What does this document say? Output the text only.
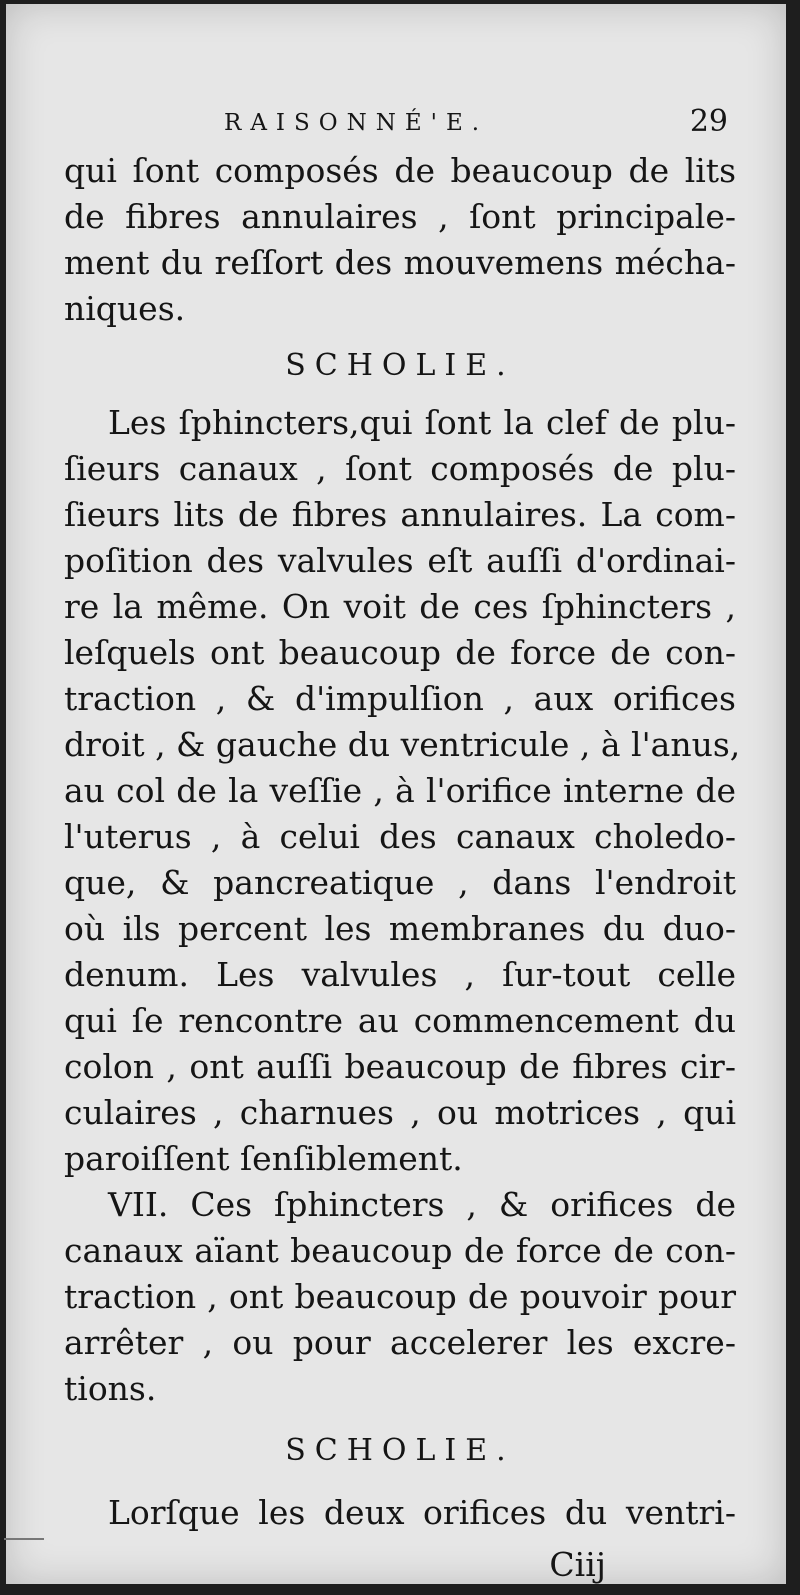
RAISONNÉ'E.	29
qui ſont composés de beaucoup de lits
de fibres annulaires , ſont principale-
ment du reſſort des mouvemens mécha-
niques.
SCHOLIE.
Les ſphincters,qui ſont la clef de plu-
ſieurs canaux , ſont composés de plu-
ſieurs lits de fibres annulaires. La com-
poſition des valvules eſt auſſi d'ordinai-
re la même. On voit de ces ſphincters ,
leſquels ont beaucoup de force de con-
traction , & d'impulſion , aux orifices
droit , & gauche du ventricule , à l'anus,
au col de la veſſie , à l'orifice interne de
l'uterus , à celui des canaux choledo-
que, & pancreatique , dans l'endroit
où ils percent les membranes du duo-
denum. Les valvules , ſur-tout celle
qui ſe rencontre au commencement du
colon , ont auſſi beaucoup de fibres cir-
culaires , charnues , ou motrices , qui
paroiſſent ſenſiblement.
VII. Ces ſphincters , & orifices de
canaux aïant beaucoup de force de con-
traction , ont beaucoup de pouvoir pour
arrêter , ou pour accelerer les excre-
tions.
SCHOLIE.
Lorſque les deux orifices du ventri-
Ciij
